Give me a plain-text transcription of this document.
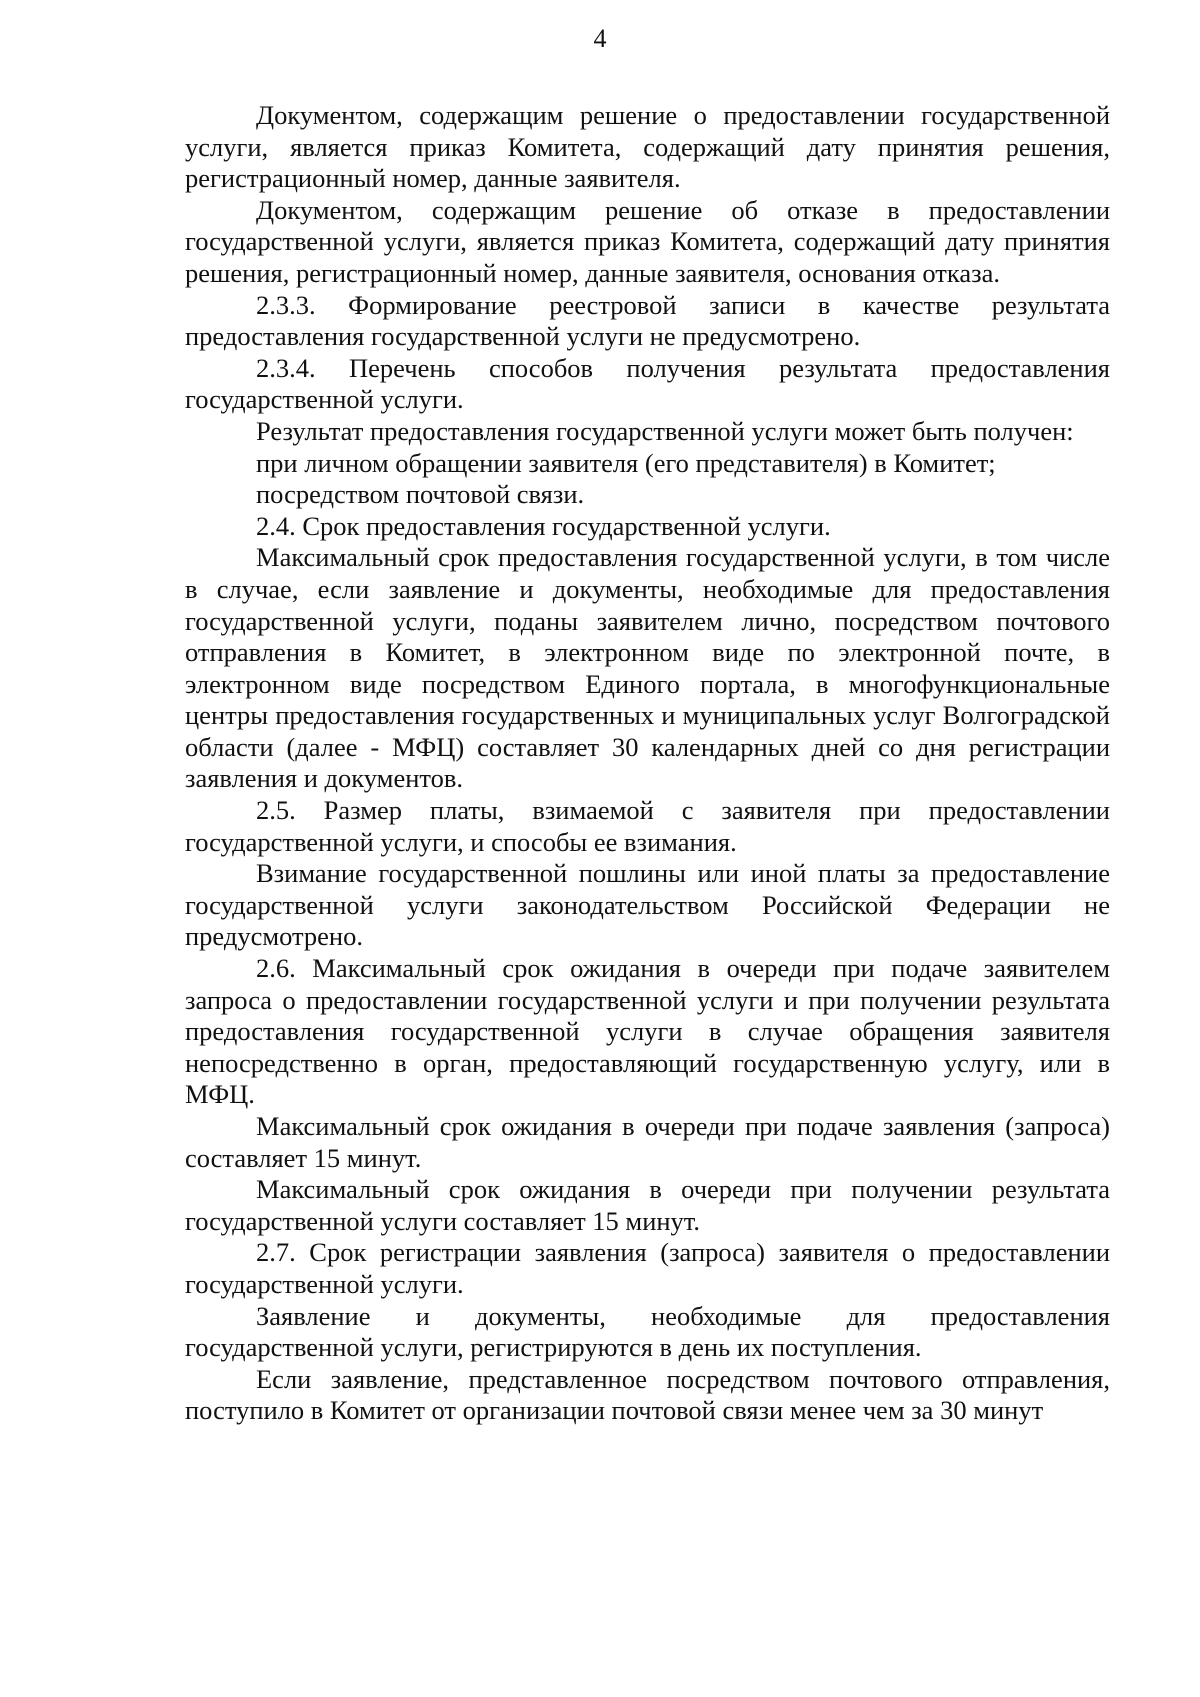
4

Документом, содержащим решение о предоставлении государственной услуги, является приказ Комитета, содержащий дату принятия решения, регистрационный номер, данные заявителя.

Документом, содержащим решение об отказе в предоставлении государственной услуги, является приказ Комитета, содержащий дату принятия решения, регистрационный номер, данные заявителя, основания отказа.

2.3.3. Формирование реестровой записи в качестве результата предоставления государственной услуги не предусмотрено.

2.3.4. Перечень способов получения результата предоставления государственной услуги.

Результат предоставления государственной услуги может быть получен:

при личном обращении заявителя (его представителя) в Комитет;

посредством почтовой связи.

2.4. Срок предоставления государственной услуги.

Максимальный срок предоставления государственной услуги, в том числе в случае, если заявление и документы, необходимые для предоставления государственной услуги, поданы заявителем лично, посредством почтового отправления в Комитет, в электронном виде по электронной почте, в электронном виде посредством Единого портала, в многофункциональные центры предоставления государственных и муниципальных услуг Волгоградской области (далее - МФЦ) составляет 30 календарных дней со дня регистрации заявления и документов.

2.5. Размер платы, взимаемой с заявителя при предоставлении государственной услуги, и способы ее взимания.

Взимание государственной пошлины или иной платы за предоставление государственной услуги законодательством Российской Федерации не предусмотрено.

2.6. Максимальный срок ожидания в очереди при подаче заявителем запроса о предоставлении государственной услуги и при получении результата предоставления государственной услуги в случае обращения заявителя непосредственно в орган, предоставляющий государственную услугу, или в МФЦ.

Максимальный срок ожидания в очереди при подаче заявления (запроса) составляет 15 минут.

Максимальный срок ожидания в очереди при получении результата государственной услуги составляет 15 минут.

2.7. Срок регистрации заявления (запроса) заявителя о предоставлении государственной услуги.

Заявление и документы, необходимые для предоставления государственной услуги, регистрируются в день их поступления.

Если заявление, представленное посредством почтового отправления, поступило в Комитет от организации почтовой связи менее чем за 30 минут
